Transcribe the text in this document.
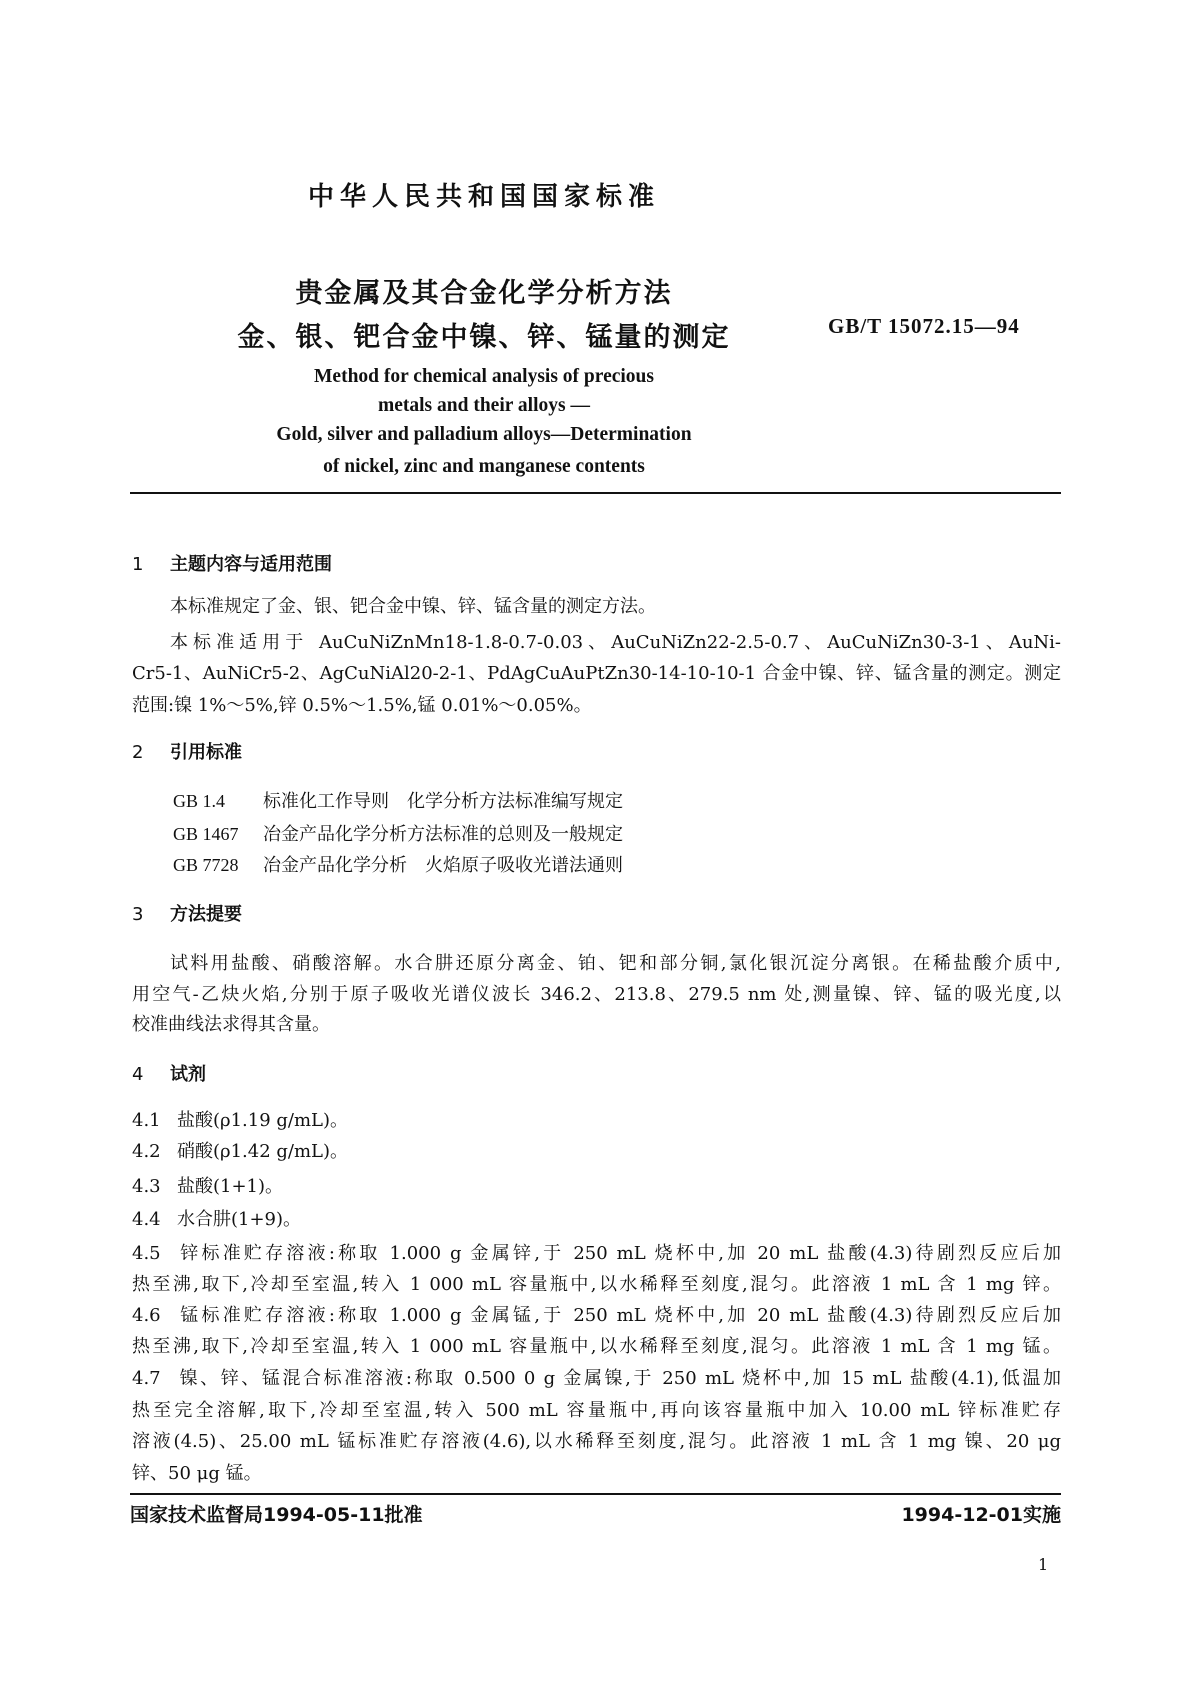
中华人民共和国国家标准
贵金属及其合金化学分析方法
金、银、钯合金中镍、锌、锰量的测定	GB/T 15072.15—94
Method for chemical analysis of precious
metals and their alloys —
Gold, silver and palladium alloys—Determination
of nickel, zinc and manganese contents
1 主题内容与适用范围
本标准规定了金、银、钯合金中镍、锌、锰含量的测定方法。
本标准适用于 AuCuNiZnMn18-1.8-0.7-0.03、AuCuNiZn22-2.5-0.7、AuCuNiZn30-3-1、AuNi-
Cr5-1、AuNiCr5-2、AgCuNiAl20-2-1、PdAgCuAuPtZn30-14-10-10-1 合金中镍、锌、锰含量的测定。测定
范围:镍 1%～5%,锌 0.5%～1.5%,锰 0.01%～0.05%。
2 引用标准
GB 1.4 标准化工作导则　化学分析方法标准编写规定
GB 1467 冶金产品化学分析方法标准的总则及一般规定
GB 7728 冶金产品化学分析　火焰原子吸收光谱法通则
3 方法提要
试料用盐酸、硝酸溶解。水合肼还原分离金、铂、钯和部分铜,氯化银沉淀分离银。在稀盐酸介质中,
用空气-乙炔火焰,分别于原子吸收光谱仪波长 346.2、213.8、279.5 nm 处,测量镍、锌、锰的吸光度,以
校准曲线法求得其含量。
4 试剂
4.1 盐酸(ρ1.19 g/mL)。
4.2 硝酸(ρ1.42 g/mL)。
4.3 盐酸(1+1)。
4.4 水合肼(1+9)。
4.5 锌标准贮存溶液:称取 1.000 g 金属锌,于 250 mL 烧杯中,加 20 mL 盐酸(4.3)待剧烈反应后加
热至沸,取下,冷却至室温,转入 1 000 mL 容量瓶中,以水稀释至刻度,混匀。此溶液 1 mL 含 1 mg 锌。
4.6 锰标准贮存溶液:称取 1.000 g 金属锰,于 250 mL 烧杯中,加 20 mL 盐酸(4.3)待剧烈反应后加
热至沸,取下,冷却至室温,转入 1 000 mL 容量瓶中,以水稀释至刻度,混匀。此溶液 1 mL 含 1 mg 锰。
4.7 镍、锌、锰混合标准溶液:称取 0.500 0 g 金属镍,于 250 mL 烧杯中,加 15 mL 盐酸(4.1),低温加
热至完全溶解,取下,冷却至室温,转入 500 mL 容量瓶中,再向该容量瓶中加入 10.00 mL 锌标准贮存
溶液(4.5)、25.00 mL 锰标准贮存溶液(4.6),以水稀释至刻度,混匀。此溶液 1 mL 含 1 mg 镍、20 μg
锌、50 μg 锰。
国家技术监督局1994-05-11批准	1994-12-01实施
1
